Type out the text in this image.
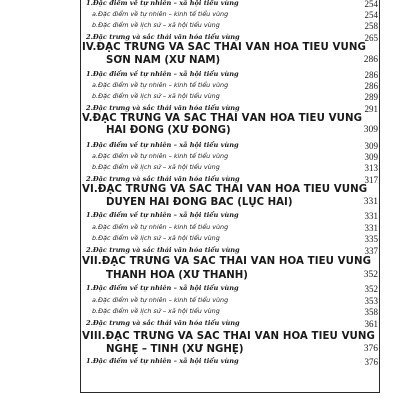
1.Đặc điểm về tự nhiên – xã hội tiểu vùng	254
a.Đặc điểm về tự nhiên – kinh tế tiểu vùng	254
b.Đặc điểm về lịch sử – xã hội tiểu vùng	258
2.Đặc trưng và sắc thái văn hóa tiểu vùng	265
IV.ĐẶC TRƯNG VÀ SẮC THÁI VĂN HÓA TIỂU VÙNG
SƠN NAM (XỨ NAM)	286
1.Đặc điểm về tự nhiên – xã hội tiểu vùng	286
a.Đặc điểm về tự nhiên – kinh tế tiểu vùng	286
b.Đặc điểm về lịch sử – xã hội tiểu vùng	289
2.Đặc trưng và sắc thái văn hóa tiểu vùng	291
V.ĐẶC TRƯNG VÀ SẮC THÁI VĂN HÓA TIỂU VÙNG
HẢI ĐÔNG (XỨ ĐÔNG)	309
1.Đặc điểm về tự nhiên – xã hội tiểu vùng	309
a.Đặc điểm về tự nhiên – kinh tế tiểu vùng	309
b.Đặc điểm về lịch sử – xã hội tiểu vùng	313
2.Đặc trưng và sắc thái văn hóa tiểu vùng	317
VI.ĐẶC TRƯNG VÀ SẮC THÁI VĂN HÓA TIỂU VÙNG
DUYÊN HẢI ĐÔNG BẮC (LỤC HẢI)	331
1.Đặc điểm về tự nhiên – xã hội tiểu vùng	331
a.Đặc điểm về tự nhiên – kinh tế tiểu vùng	331
b.Đặc điểm về lịch sử – xã hội tiểu vùng	335
2.Đặc trưng và sắc thái văn hóa tiểu vùng	337
VII.ĐẶC TRƯNG VÀ SẮC THÁI VĂN HÓA TIỂU VÙNG
THANH HÓA (XỨ THANH)	352
1.Đặc điểm về tự nhiên – xã hội tiểu vùng	352
a.Đặc điểm về tự nhiên – kinh tế tiểu vùng	353
b.Đặc điểm về lịch sử – xã hội tiểu vùng	358
2.Đặc trưng và sắc thái văn hóa tiểu vùng	361
VIII.ĐẶC TRƯNG VÀ SẮC THÁI VĂN HÓA TIỂU VÙNG
NGHỆ – TĨNH (XỨ NGHỆ)	376
1.Đặc điểm về tự nhiên – xã hội tiểu vùng	376
